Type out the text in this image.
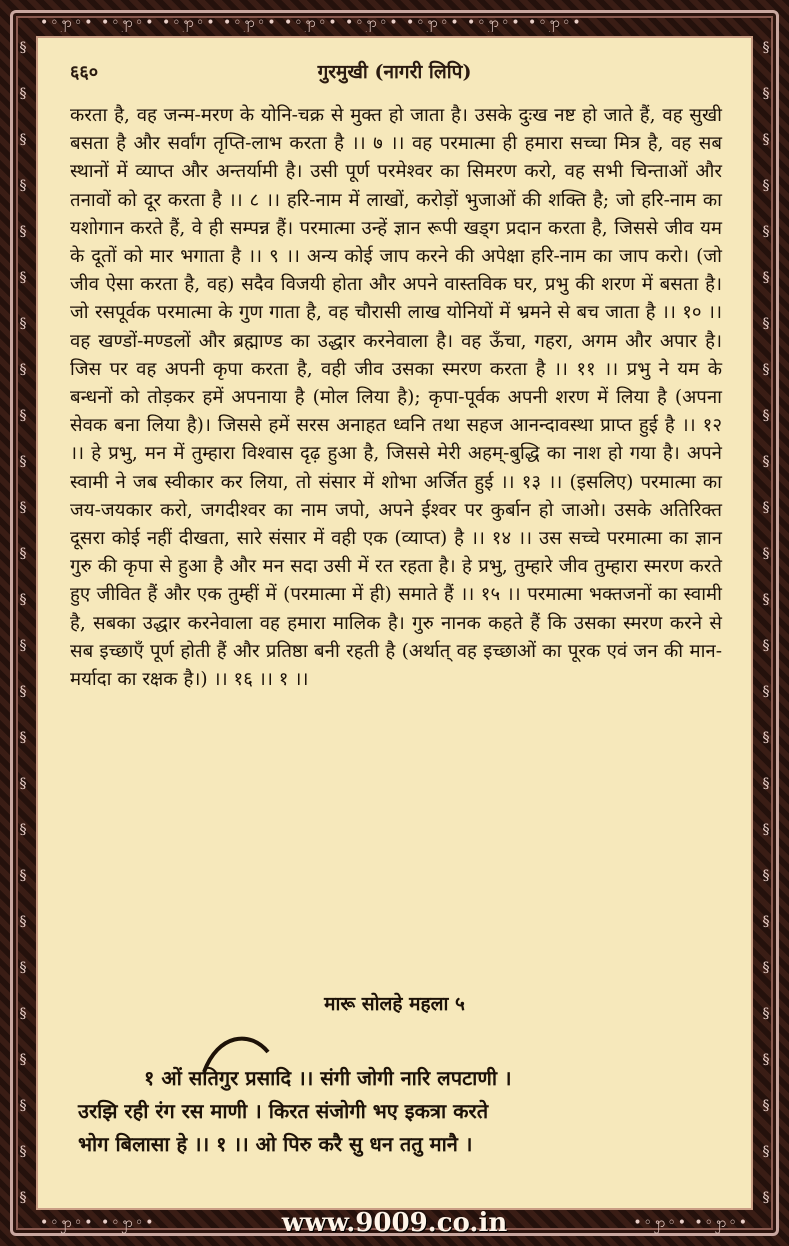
•◦ꩭ◦• •◦ꩭ◦• •◦ꩭ◦• •◦ꩭ◦• •◦ꩭ◦• •◦ꩭ◦• •◦ꩭ◦• •◦ꩭ◦• •◦ꩭ◦•
§
§
§
§
§
§
§
§
§
§
§
§
§
§
§
§
§
§
§
§
§
§
§
§
§
§
§
§
§
§
§
§
§
§
§
§
§
§
§
§
§
§
§
§
§
§
§
§
§
§
§
§
६६०	गुरमुखी (नागरी लिपि)
करता है, वह जन्म-मरण के योनि-चक्र से मुक्त हो जाता है। उसके दुःख नष्ट हो जाते हैं, वह सुखी बसता है और सर्वांग तृप्ति-लाभ करता है ।। ७ ।। वह परमात्मा ही हमारा सच्चा मित्र है, वह सब स्थानों में व्याप्त और अन्तर्यामी है। उसी पूर्ण परमेश्वर का सिमरण करो, वह सभी चिन्ताओं और तनावों को दूर करता है ।। ८ ।। हरि-नाम में लाखों, करोड़ों भुजाओं की शक्ति है; जो हरि-नाम का यशोगान करते हैं, वे ही सम्पन्न हैं। परमात्मा उन्हें ज्ञान रूपी खड्ग प्रदान करता है, जिससे जीव यम के दूतों को मार भगाता है ।। ९ ।। अन्य कोई जाप करने की अपेक्षा हरि-नाम का जाप करो। (जो जीव ऐसा करता है, वह) सदैव विजयी होता और अपने वास्तविक घर, प्रभु की शरण में बसता है। जो रसपूर्वक परमात्मा के गुण गाता है, वह चौरासी लाख योनियों में भ्रमने से बच जाता है ।। १० ।। वह खण्डों-मण्डलों और ब्रह्माण्ड का उद्धार करनेवाला है। वह ऊँचा, गहरा, अगम और अपार है। जिस पर वह अपनी कृपा करता है, वही जीव उसका स्मरण करता है ।। ११ ।। प्रभु ने यम के बन्धनों को तोड़कर हमें अपनाया है (मोल लिया है); कृपा-पूर्वक अपनी शरण में लिया है (अपना सेवक बना लिया है)। जिससे हमें सरस अनाहत ध्वनि तथा सहज आनन्दावस्था प्राप्त हुई है ।। १२ ।। हे प्रभु, मन में तुम्हारा विश्वास दृढ़ हुआ है, जिससे मेरी अहम्-बुद्धि का नाश हो गया है। अपने स्वामी ने जब स्वीकार कर लिया, तो संसार में शोभा अर्जित हुई ।। १३ ।। (इसलिए) परमात्मा का जय-जयकार करो, जगदीश्वर का नाम जपो, अपने ईश्वर पर कुर्बान हो जाओ। उसके अतिरिक्त दूसरा कोई नहीं दीखता, सारे संसार में वही एक (व्याप्त) है ।। १४ ।। उस सच्चे परमात्मा का ज्ञान गुरु की कृपा से हुआ है और मन सदा उसी में रत रहता है। हे प्रभु, तुम्हारे जीव तुम्हारा स्मरण करते हुए जीवित हैं और एक तुम्हीं में (परमात्मा में ही) समाते हैं ।। १५ ।। परमात्मा भक्तजनों का स्वामी है, सबका उद्धार करनेवाला वह हमारा मालिक है। गुरु नानक कहते हैं कि उसका स्मरण करने से सब इच्छाएँ पूर्ण होती हैं और प्रतिष्ठा बनी रहती है (अर्थात् वह इच्छाओं का पूरक एवं जन की मान-मर्यादा का रक्षक है।) ।। १६ ।। १ ।।
मारू सोलहे महला ५
१ ओं सतिगुर प्रसादि ।। संगी जोगी नारि लपटाणी ।
उरझि रही रंग रस माणी । किरत संजोगी भए इकत्रा करते
भोग बिलासा हे ।। १ ।। ओ पिरु करै सु धन ततु मानै ।
•◦ꩭ◦• •◦ꩭ◦•	www.9009.co.in	•◦ꩭ◦• •◦ꩭ◦•
